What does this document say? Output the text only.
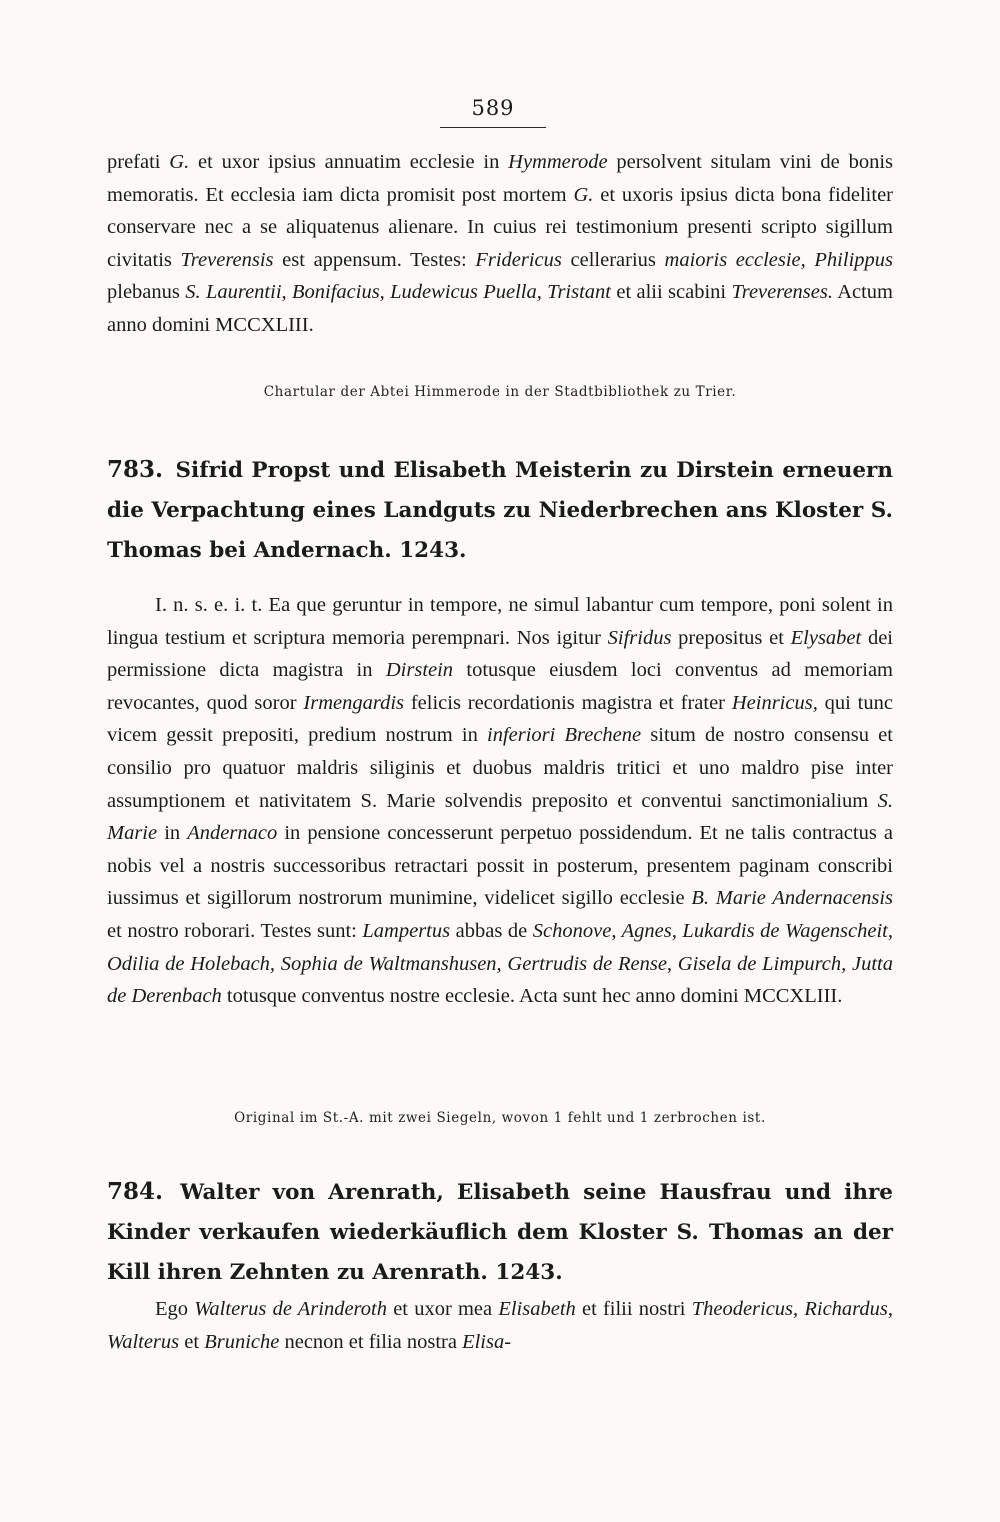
589
prefati G. et uxor ipsius annuatim ecclesie in Hymmerode persolvent situlam vini de bonis memoratis. Et ecclesia iam dicta promisit post mortem G. et uxoris ipsius dicta bona fideliter conservare nec a se aliquatenus alienare. In cuius rei testimonium presenti scripto sigillum civitatis Treverensis est appensum. Testes: Fridericus cellerarius maioris ecclesie, Philippus plebanus S. Laurentii, Bonifacius, Ludewicus Puella, Tristant et alii scabini Treverenses. Actum anno domini MCCXLIII.
Chartular der Abtei Himmerode in der Stadtbibliothek zu Trier.
783. Sifrid Propst und Elisabeth Meisterin zu Dirstein erneuern die Verpachtung eines Landguts zu Niederbrechen ans Kloster S. Thomas bei Andernach. 1243.
I. n. s. e. i. t. Ea que geruntur in tempore, ne simul labantur cum tempore, poni solent in lingua testium et scriptura memoria perempnari. Nos igitur Sifridus prepositus et Elysabet dei permissione dicta magistra in Dirstein totusque eiusdem loci conventus ad memoriam revocantes, quod soror Irmengardis felicis recordationis magistra et frater Heinricus, qui tunc vicem gessit prepositi, predium nostrum in inferiori Brechene situm de nostro consensu et consilio pro quatuor maldris siliginis et duobus maldris tritici et uno maldro pise inter assumptionem et nativitatem S. Marie solvendis preposito et conventui sanctimonialium S. Marie in Andernaco in pensione concesserunt perpetuo possidendum. Et ne talis contractus a nobis vel a nostris successoribus retractari possit in posterum, presentem paginam conscribi iussimus et sigillorum nostrorum munimine, videlicet sigillo ecclesie B. Marie Andernacensis et nostro roborari. Testes sunt: Lampertus abbas de Schonove, Agnes, Lukardis de Wagenscheit, Odilia de Holebach, Sophia de Waltmanshusen, Gertrudis de Rense, Gisela de Limpurch, Jutta de Derenbach totusque conventus nostre ecclesie. Acta sunt hec anno domini MCCXLIII.
Original im St.-A. mit zwei Siegeln, wovon 1 fehlt und 1 zerbrochen ist.
784. Walter von Arenrath, Elisabeth seine Hausfrau und ihre Kinder verkaufen wiederkäuflich dem Kloster S. Thomas an der Kill ihren Zehnten zu Arenrath. 1243.
Ego Walterus de Arinderoth et uxor mea Elisabeth et filii nostri Theodericus, Richardus, Walterus et Bruniche necnon et filia nostra Elisa-
